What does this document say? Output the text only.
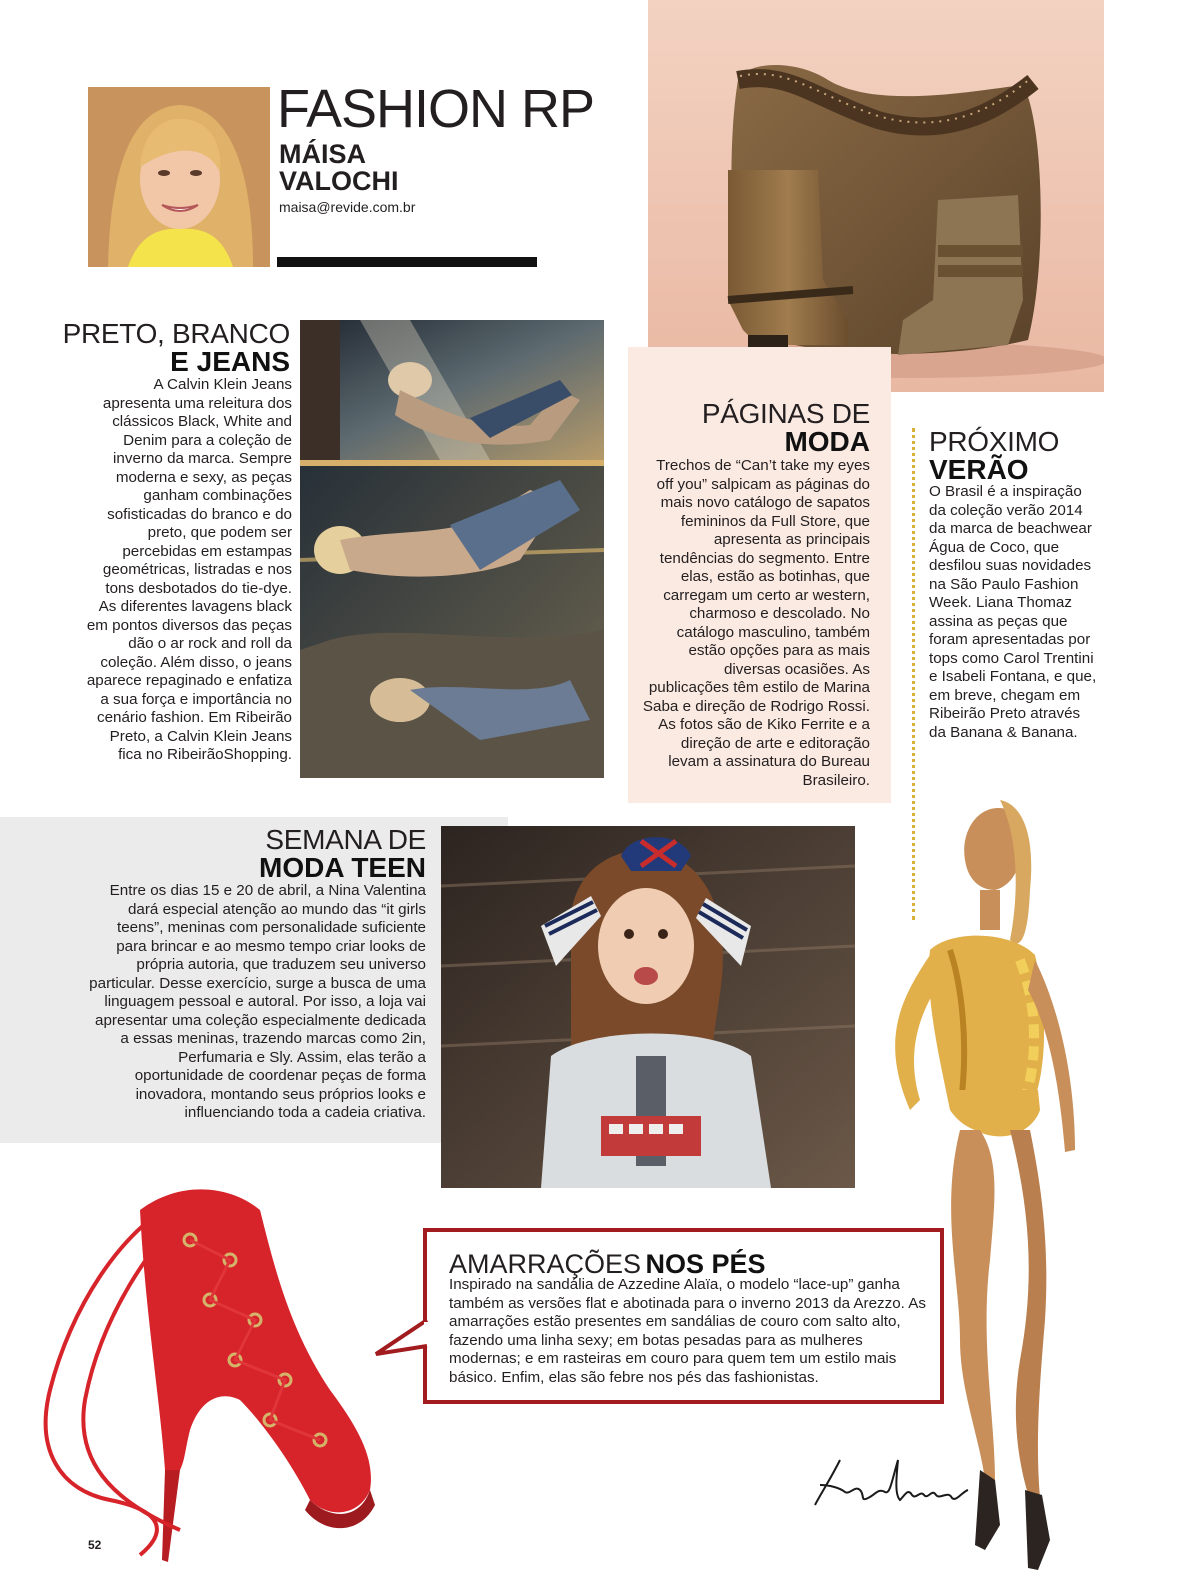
FASHION RP
MÁISA
VALOCHI
maisa@revide.com.br
PRETO, BRANCO
E JEANS
A Calvin Klein Jeans apresenta uma releitura dos clássicos Black, White and Denim para a coleção de inverno da marca. Sempre moderna e sexy, as peças ganham combinações sofisticadas do branco e do preto, que podem ser percebidas em estampas geométricas, listradas e nos tons desbotados do tie-dye. As diferentes lavagens black em pontos diversos das peças dão o ar rock and roll da coleção. Além disso, o jeans aparece repaginado e enfatiza a sua força e importância no cenário fashion. Em Ribeirão Preto, a Calvin Klein Jeans fica no RibeirãoShopping.
PÁGINAS DE
MODA
Trechos de “Can’t take my eyes off you” salpicam as páginas do mais novo catálogo de sapatos femininos da Full Store, que apresenta as principais tendências do segmento. Entre elas, estão as botinhas, que carregam um certo ar western, charmoso e descolado. No catálogo masculino, também estão opções para as mais diversas ocasiões. As publicações têm estilo de Marina Saba e direção de Rodrigo Rossi. As fotos são de Kiko Ferrite e a direção de arte e editoração levam a assinatura do Bureau Brasileiro.
PRÓXIMO
VERÃO
O Brasil é a inspiração da coleção verão 2014 da marca de beachwear Água de Coco, que desfilou suas novidades na São Paulo Fashion Week. Liana Thomaz assina as peças que foram apresentadas por tops como Carol Trentini e Isabeli Fontana, e que, em breve, chegam em Ribeirão Preto através da Banana & Banana.
SEMANA DE
MODA TEEN
Entre os dias 15 e 20 de abril, a Nina Valentina dará especial atenção ao mundo das “it girls teens”, meninas com personalidade suficiente para brincar e ao mesmo tempo criar looks de própria autoria, que traduzem seu universo particular. Desse exercício, surge a busca de uma linguagem pessoal e autoral. Por isso, a loja vai apresentar uma coleção especialmente dedicada a essas meninas, trazendo marcas como 2in, Perfumaria e Sly. Assim, elas terão a oportunidade de coordenar peças de forma inovadora, montando seus próprios looks e influenciando toda a cadeia criativa.
52
AMARRAÇÕES NOS PÉS
Inspirado na sandália de Azzedine Alaïa, o modelo “lace-up” ganha também as versões flat e abotinada para o inverno 2013 da Arezzo. As amarrações estão presentes em sandálias de couro com salto alto, fazendo uma linha sexy; em botas pesadas para as mulheres modernas; e em rasteiras em couro para quem tem um estilo mais básico. Enfim, elas são febre nos pés das fashionistas.
